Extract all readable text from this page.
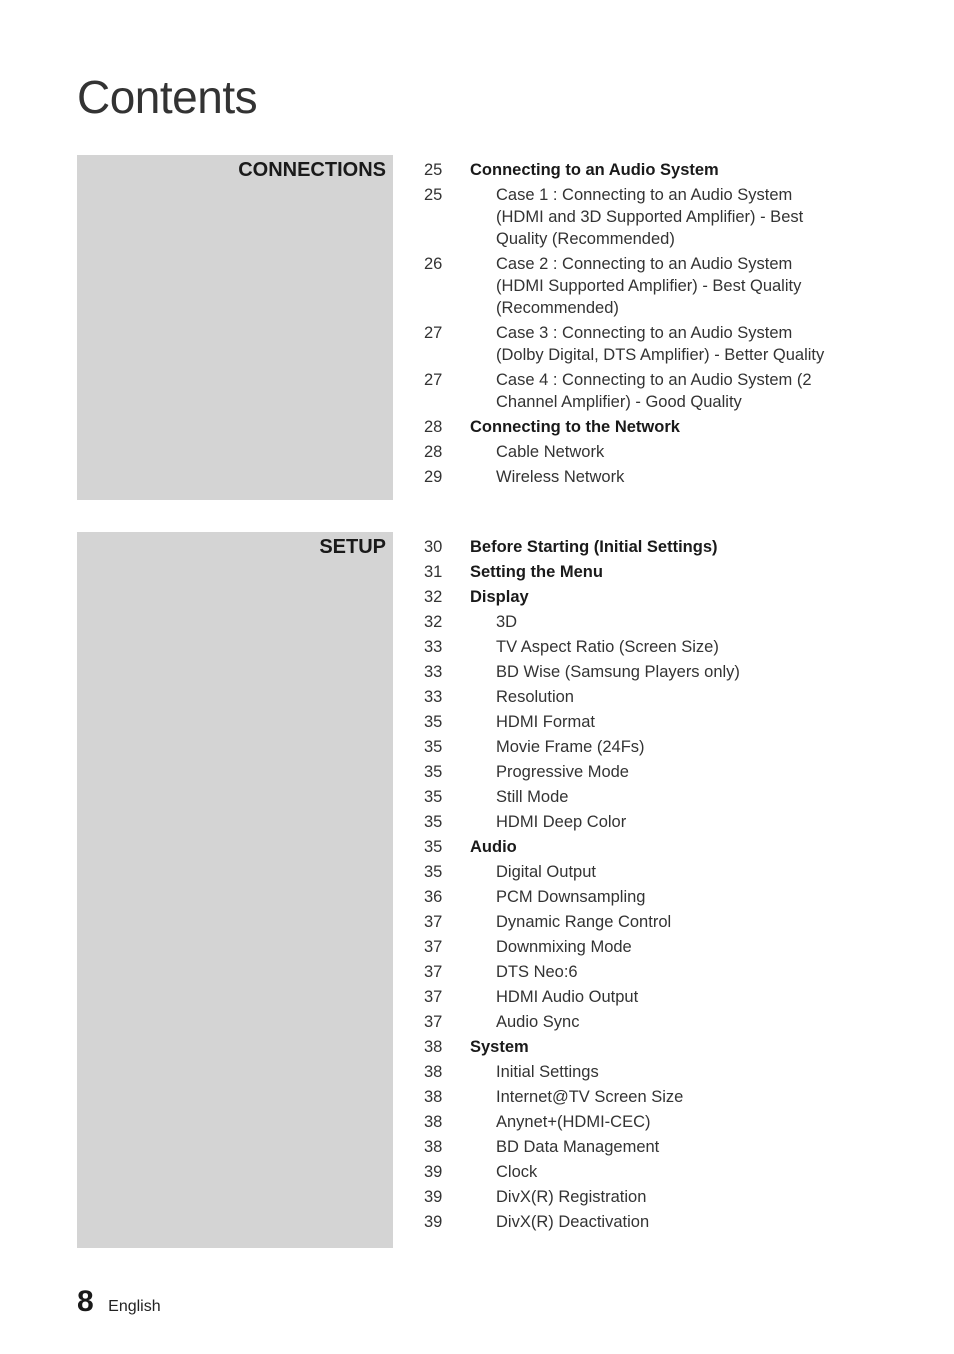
Contents
CONNECTIONS 25	Connecting to an Audio System
25	Case 1 : Connecting to an Audio System (HDMI and 3D Supported Amplifier) - Best Quality (Recommended)
26	Case 2 : Connecting to an Audio System (HDMI Supported Amplifier) - Best Quality (Recommended)
27	Case 3 : Connecting to an Audio System (Dolby Digital, DTS Amplifier) - Better Quality
27	Case 4 : Connecting to an Audio System (2 Channel Amplifier) - Good Quality
28	Connecting to the Network
28	Cable Network
29	Wireless Network
SETUP 30	Before Starting (Initial Settings)
31	Setting the Menu
32	Display
32	3D
33	TV Aspect Ratio (Screen Size)
33	BD Wise (Samsung Players only)
33	Resolution
35	HDMI Format
35	Movie Frame (24Fs)
35	Progressive Mode
35	Still Mode
35	HDMI Deep Color
35	Audio
35	Digital Output
36	PCM Downsampling
37	Dynamic Range Control
37	Downmixing Mode
37	DTS Neo:6
37	HDMI Audio Output
37	Audio Sync
38	System
38	Initial Settings
38	Internet@TV Screen Size
38	Anynet+(HDMI-CEC)
38	BD Data Management
39	Clock
39	DivX(R) Registration
39	DivX(R) Deactivation
8 English
